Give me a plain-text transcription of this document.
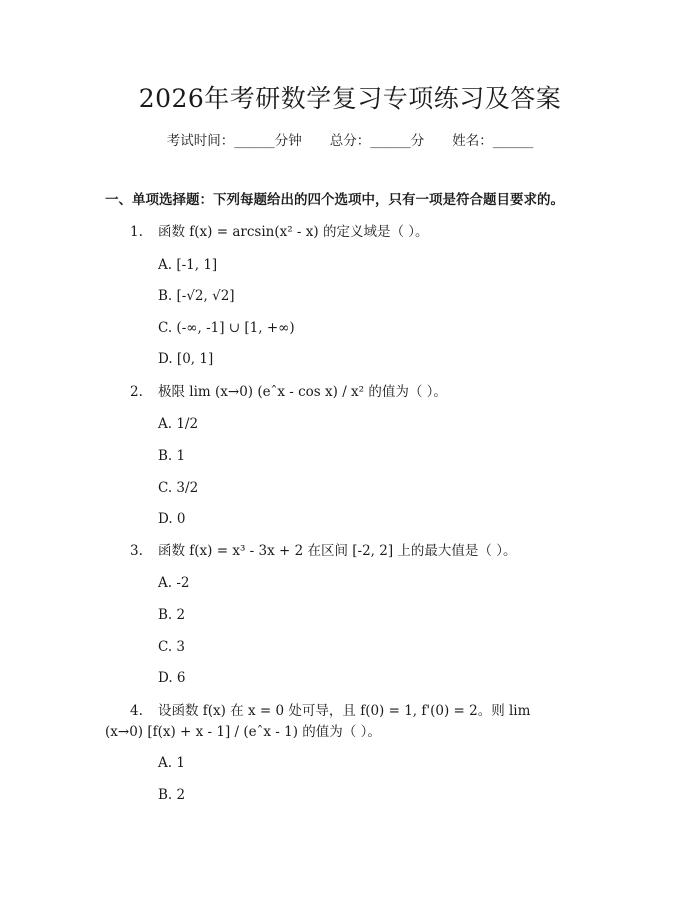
2026年考研数学复习专项练习及答案
考试时间：______分钟 总分：______分 姓名：______
一、单项选择题：下列每题给出的四个选项中，只有一项是符合题目要求的。
1. 函数 f(x) = arcsin(x² - x) 的定义域是（ ）。
A. [-1, 1]
B. [-√2, √2]
C. (-∞, -1] ∪ [1, +∞)
D. [0, 1]
2. 极限 lim (x→0) (eˆx - cos x) / x² 的值为（ ）。
A. 1/2
B. 1
C. 3/2
D. 0
3. 函数 f(x) = x³ - 3x + 2 在区间 [-2, 2] 上的最大值是（ ）。
A. -2
B. 2
C. 3
D. 6
4. 设函数 f(x) 在 x = 0 处可导，且 f(0) = 1, f'(0) = 2。则 lim
(x→0) [f(x) + x - 1] / (eˆx - 1) 的值为（ ）。
A. 1
B. 2
